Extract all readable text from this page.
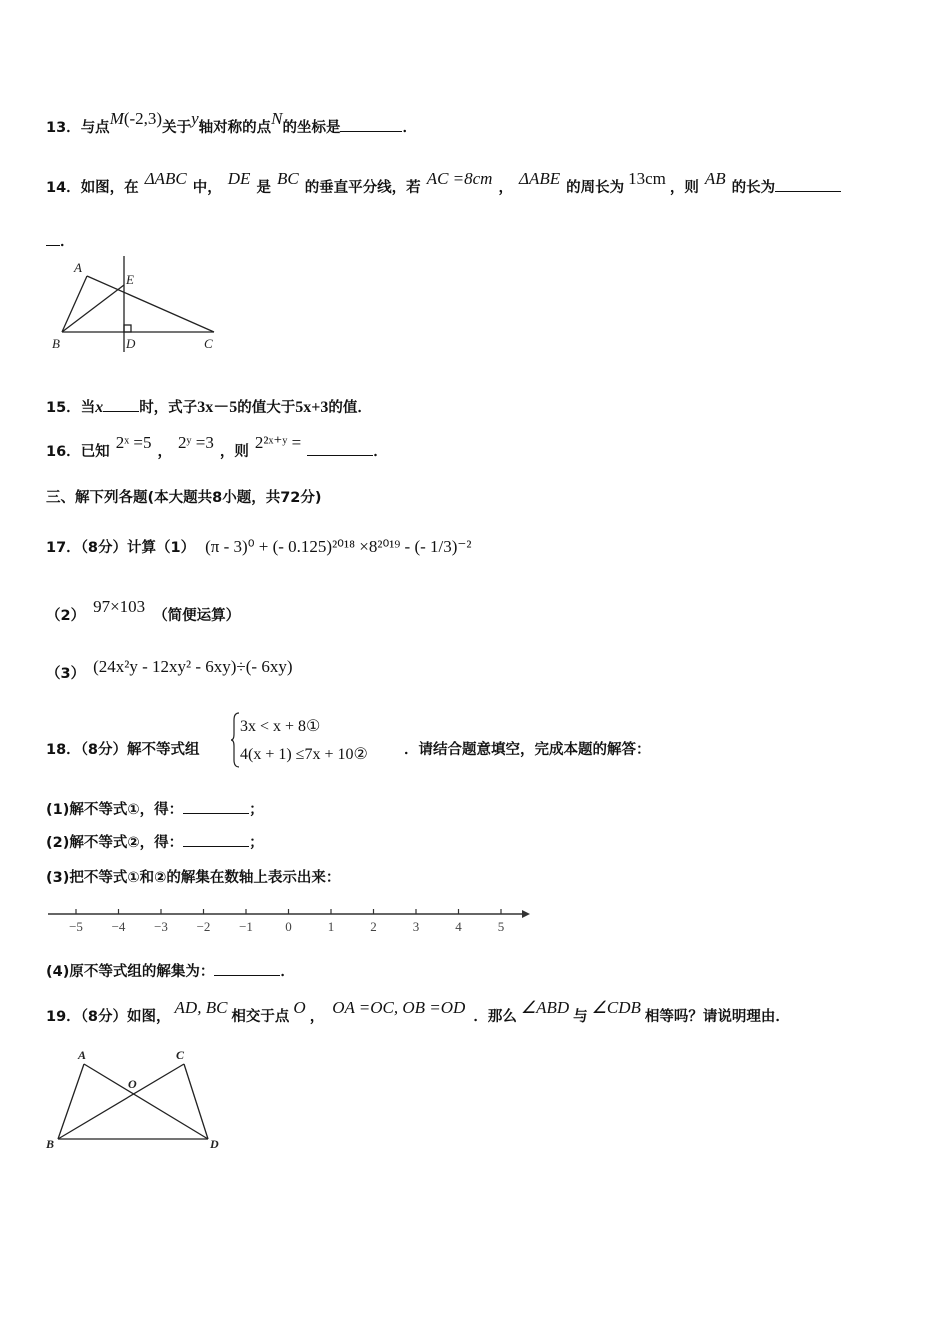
13．与点M(-2,3)关于y轴对称的点N的坐标是	．
14．如图，在 ΔABC 中， DE 是 BC 的垂直平分线，若 AC =8cm ， ΔABE 的周长为 13cm ，则 AB 的长为
．
A
E
B	D	C
15．当x 时，式子3x－5的值大于5x+3的值．
16．已知 2ˣ =5 ， 2ʸ =3 ，则 2²ˣ⁺ʸ =	．
三、解下列各题(本大题共8小题，共72分)
17．（8分）计算（1） (π - 3)⁰ + (- 0.125)²⁰¹⁸ ×8²⁰¹⁹ - (- 1/3)⁻²
（2） 97×103 （简便运算）
（3） (24x²y - 12xy² - 6xy)÷(- 6xy)
18．（8分）解不等式组
3x < x + 8①
4(x + 1) ≤7x + 10② ．请结合题意填空，完成本题的解答：
(1)解不等式①，得：	；
(2)解不等式②，得：	；
(3)把不等式①和②的解集在数轴上表示出来：
−5 −4 −3 −2 −1 0	1	2	3	4	5
(4)原不等式组的解集为：	．
19．（8分）如图， AD, BC 相交于点 O ， OA =OC, OB =OD ．那么 ∠ABD 与 ∠CDB 相等吗？请说明理由．
A	C
O
B	D
